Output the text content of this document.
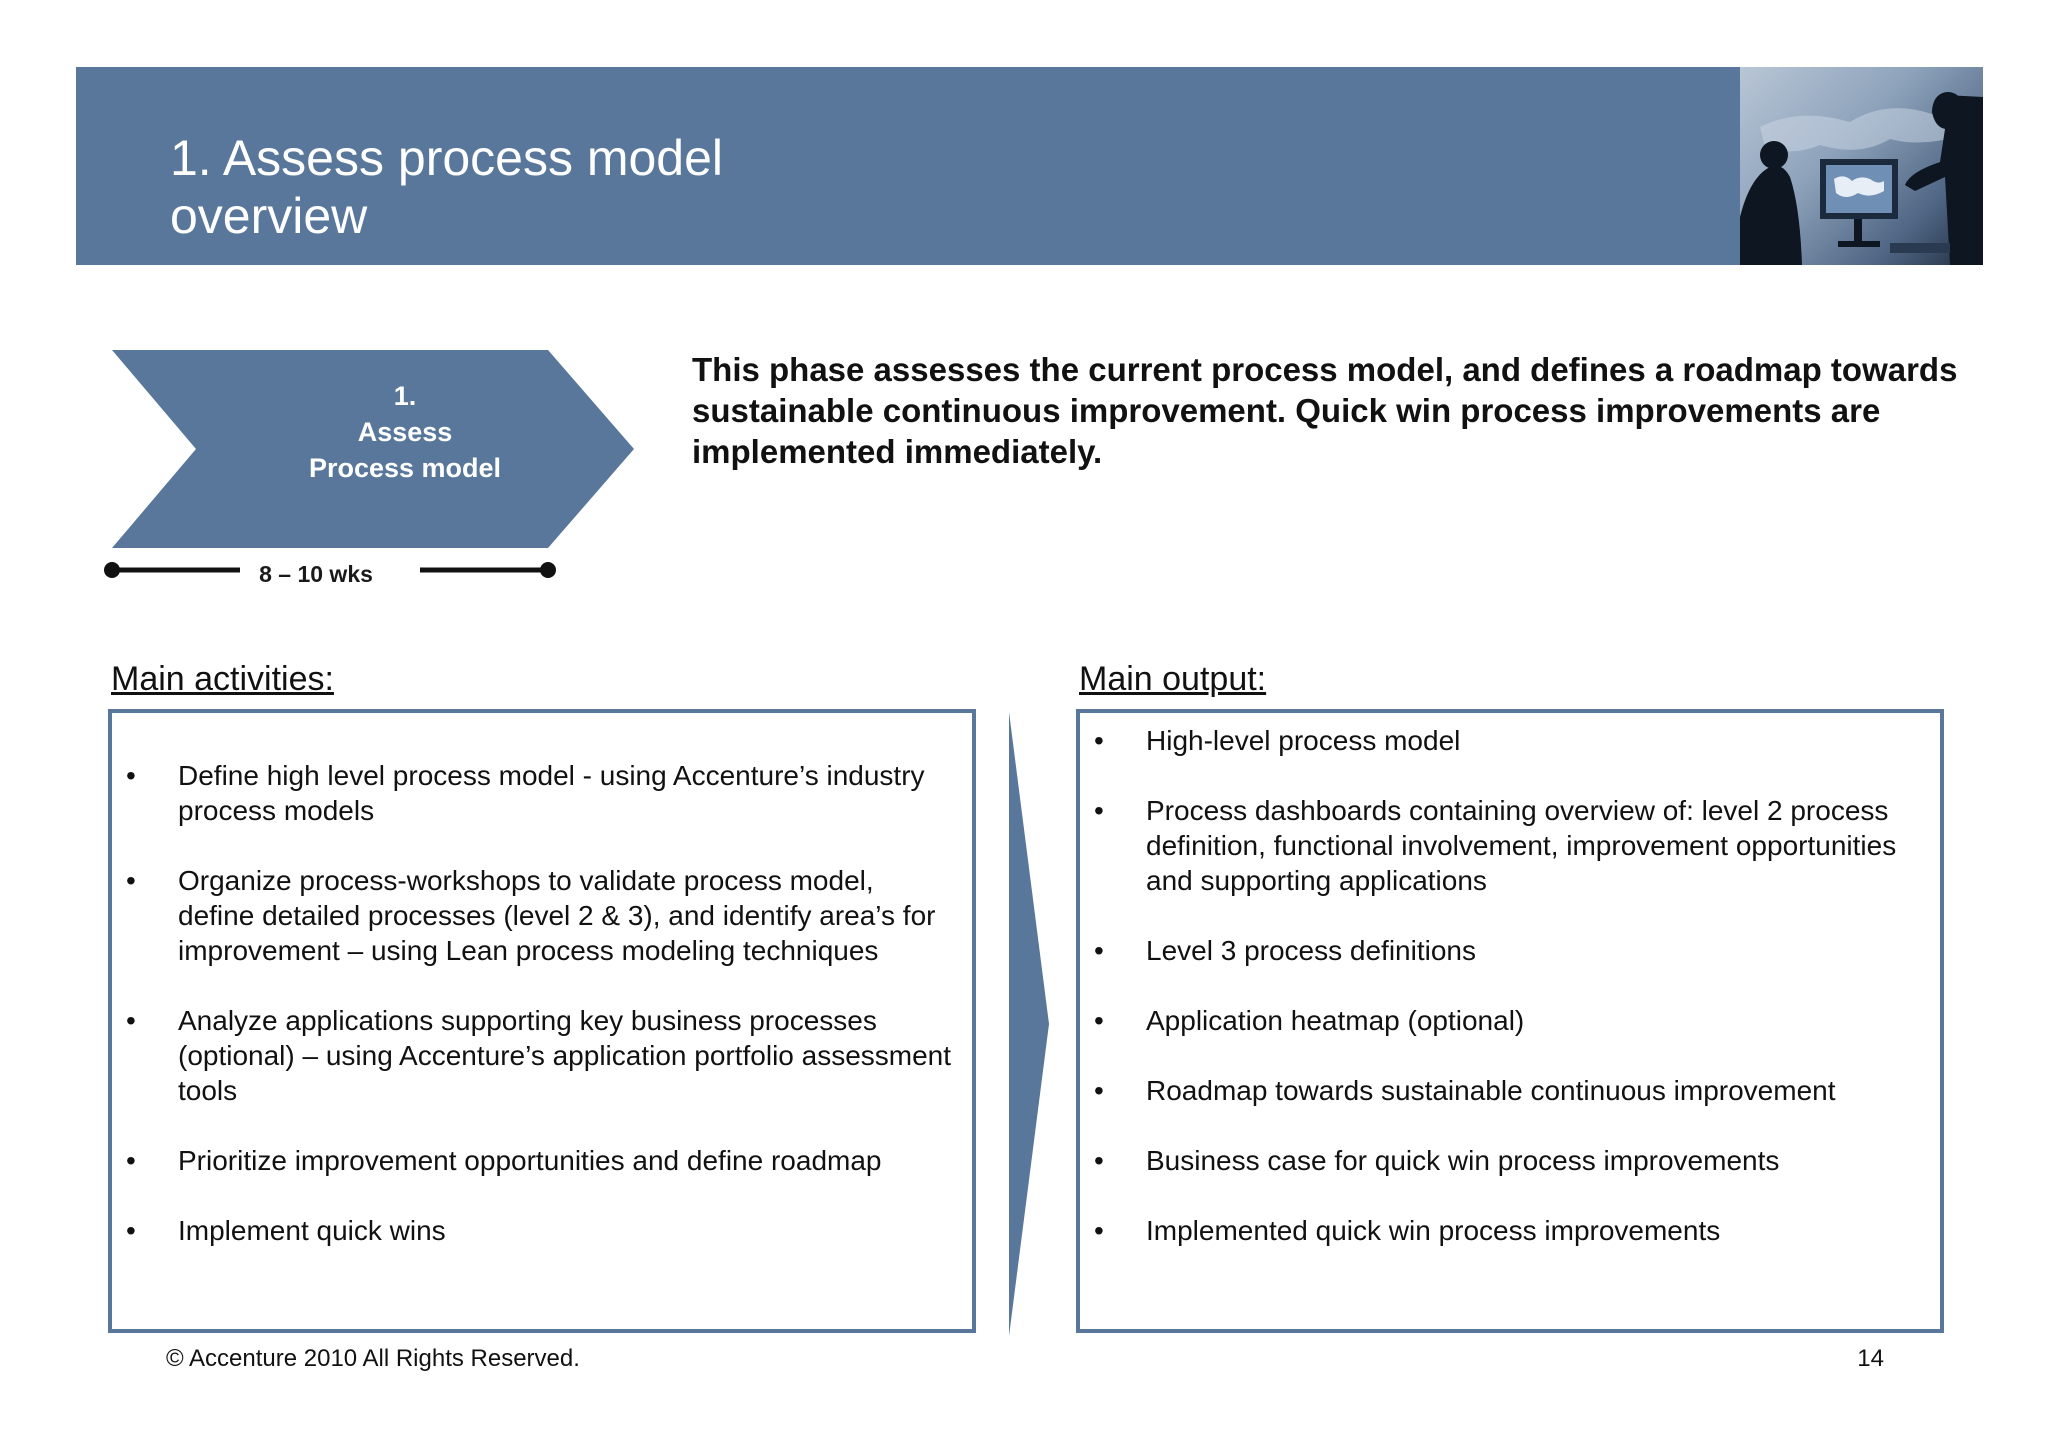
1. Assess process model
overview
1.
Assess
Process model
8 – 10 wks
This phase assesses the current process model, and defines a roadmap towards sustainable continuous improvement. Quick win process improvements are implemented immediately.
Main activities:	Main output:
• Define high level process model - using Accenture’s industry process models
• Organize process-workshops to validate process model, define detailed processes (level 2 & 3), and identify area’s for improvement – using Lean process modeling techniques
• Analyze applications supporting key business processes (optional) – using Accenture’s application portfolio assessment tools
• Prioritize improvement opportunities and define roadmap
• Implement quick wins
• High-level process model
• Process dashboards containing overview of: level 2 process definition, functional involvement, improvement opportunities and supporting applications
• Level 3 process definitions
• Application heatmap (optional)
• Roadmap towards sustainable continuous improvement
• Business case for quick win process improvements
• Implemented quick win process improvements
© Accenture 2010 All Rights Reserved.	14
